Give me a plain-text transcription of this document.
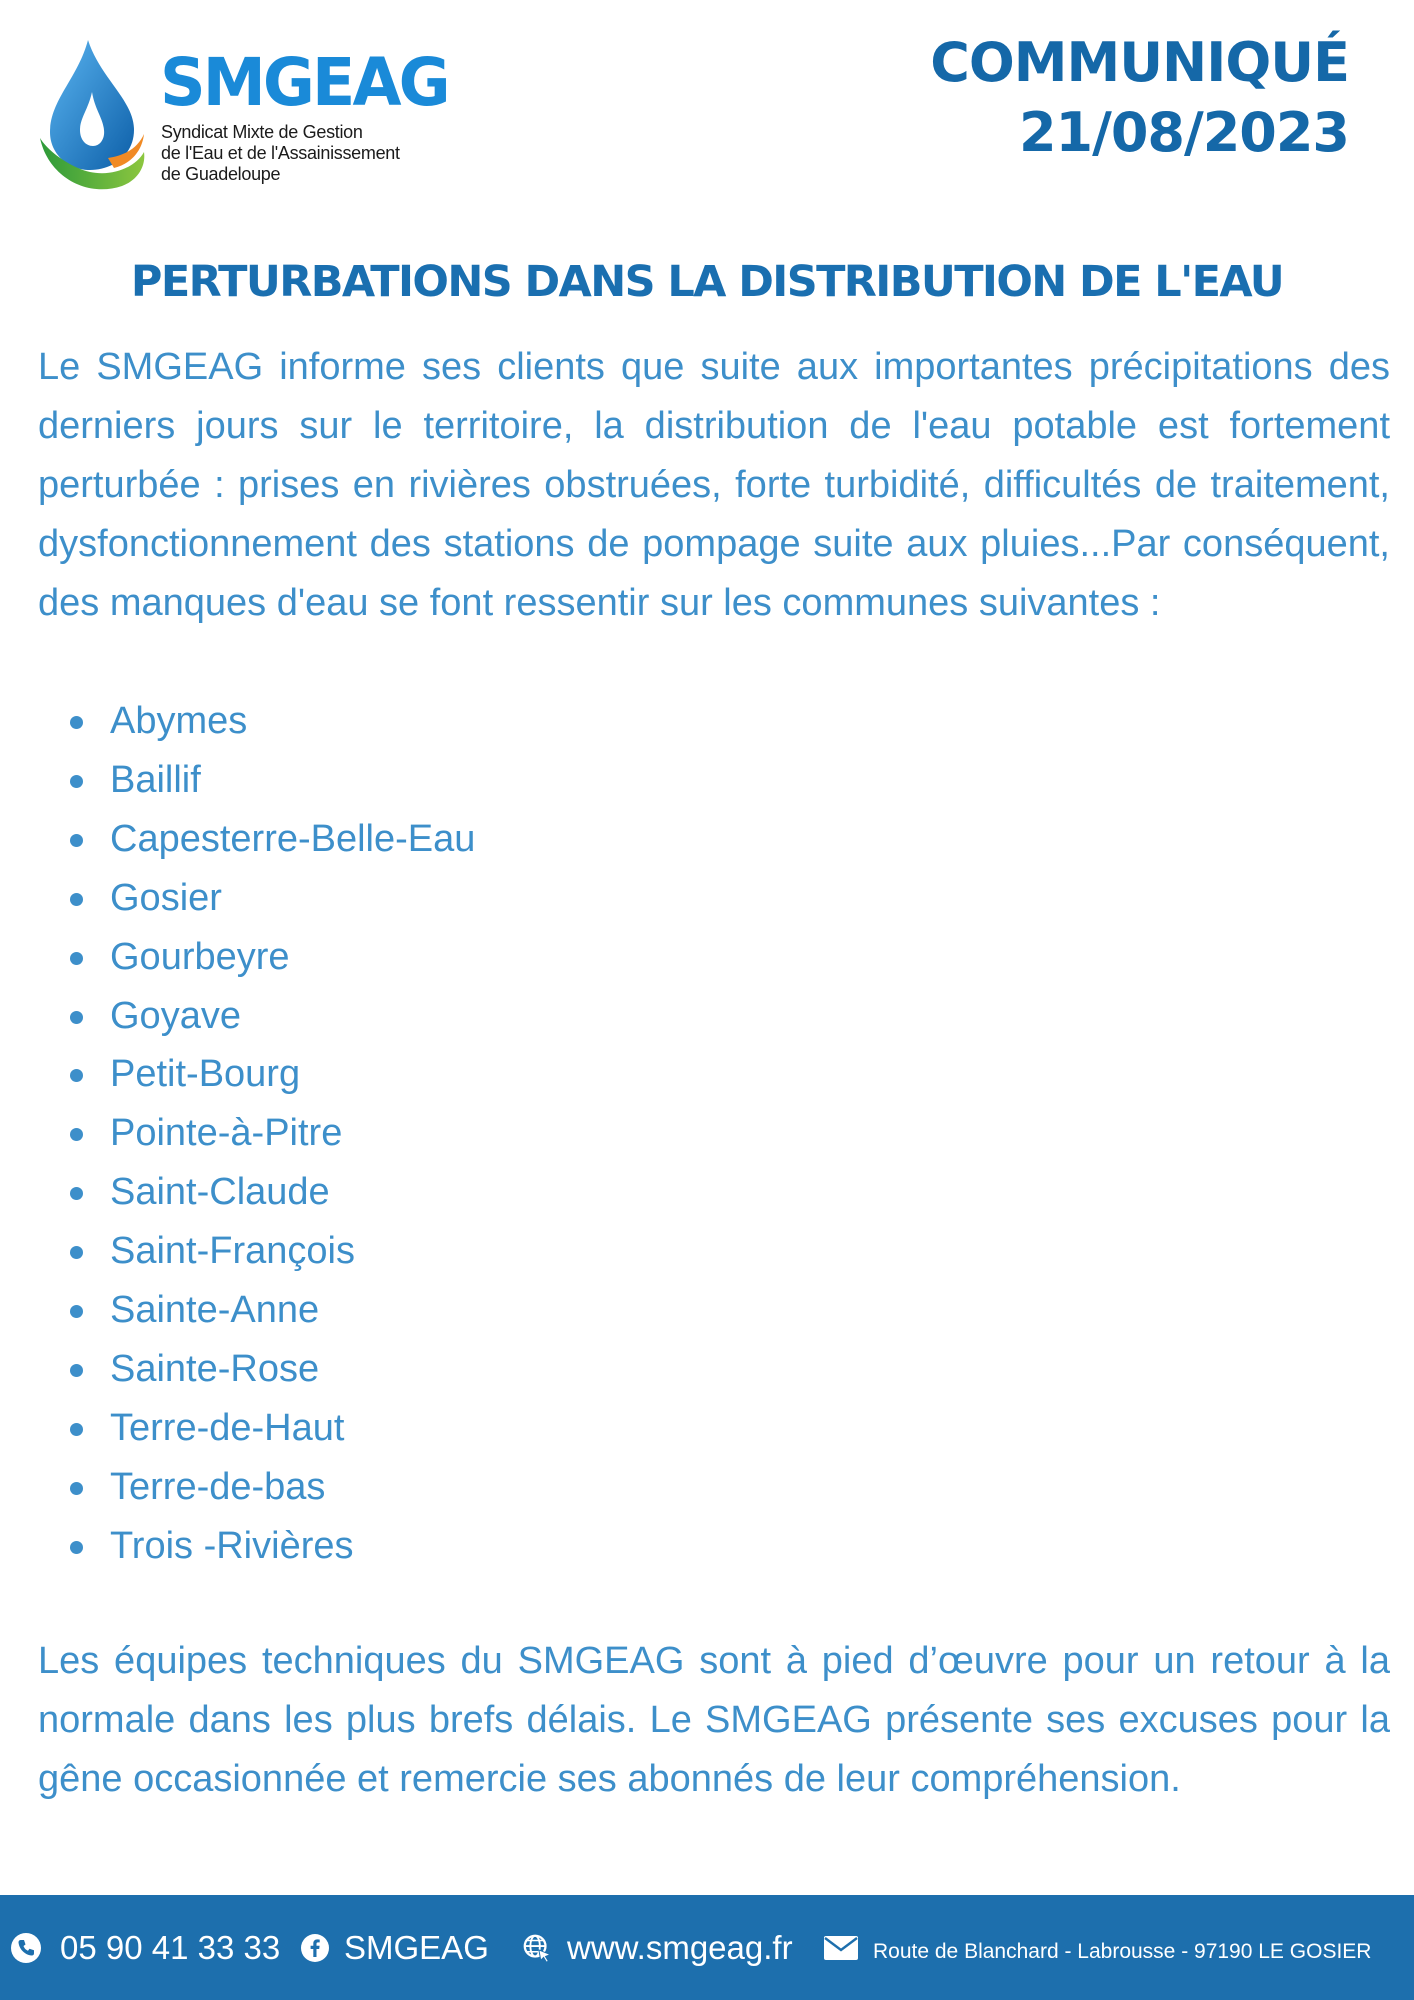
SMGEAG
Syndicat Mixte de Gestion
de l'Eau et de l'Assainissement
de Guadeloupe
COMMUNIQUÉ
21/08/2023
PERTURBATIONS DANS LA DISTRIBUTION DE L'EAU

Le SMGEAG informe ses clients que suite aux importantes précipitations des derniers jours sur le territoire, la distribution de l'eau potable est fortement perturbée : prises en rivières obstruées, forte turbidité, difficultés de traitement, dysfonctionnement des stations de pompage suite aux pluies...Par conséquent, des manques d'eau se font ressentir sur les communes suivantes :

Abymes
Baillif
Capesterre-Belle-Eau
Gosier
Gourbeyre
Goyave
Petit-Bourg
Pointe-à-Pitre
Saint-Claude
Saint-François
Sainte-Anne
Sainte-Rose
Terre-de-Haut
Terre-de-bas
Trois -Rivières

Les équipes techniques du SMGEAG sont à pied d’œuvre pour un retour à la normale dans les plus brefs délais. Le SMGEAG présente ses excuses pour la gêne occasionnée et remercie ses abonnés de leur compréhension.

05 90 41 33 33 SMGEAG www.smgeag.fr	Route de Blanchard - Labrousse - 97190 LE GOSIER
